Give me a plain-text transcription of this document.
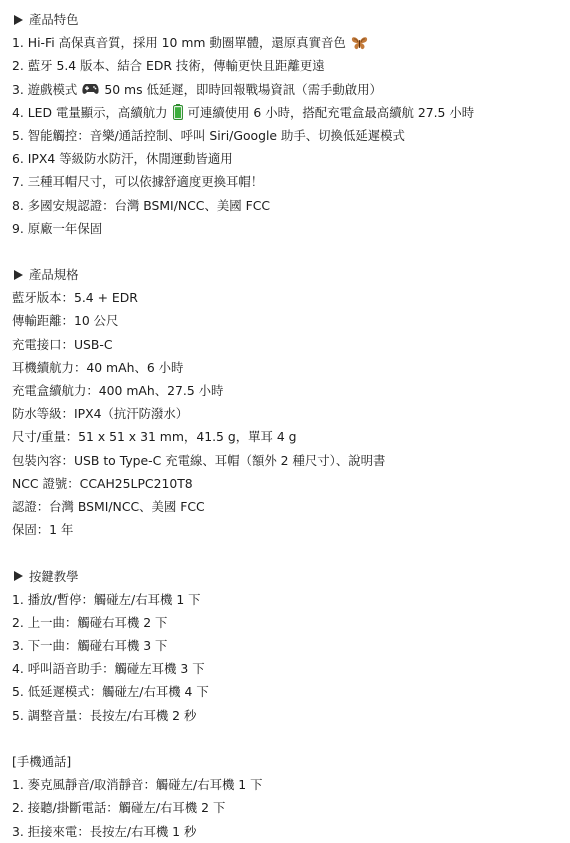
產品特色
1. Hi-Fi 高保真音質，採用 10 mm 動圈單體，還原真實音色
2. 藍牙 5.4 版本、結合 EDR 技術，傳輸更快且距離更遠
3. 遊戲模式 50 ms 低延遲，即時回報戰場資訊（需手動啟用）
4. LED 電量顯示，高續航力 可連續使用 6 小時，搭配充電盒最高續航 27.5 小時
5. 智能觸控：音樂/通話控制、呼叫 Siri/Google 助手、切換低延遲模式
6. IPX4 等級防水防汗，休閒運動皆適用
7. 三種耳帽尺寸，可以依據舒適度更換耳帽！
8. 多國安規認證：台灣 BSMI/NCC、美國 FCC
9. 原廠一年保固
產品規格
藍牙版本：5.4 + EDR
傳輸距離：10 公尺
充電接口：USB-C
耳機續航力：40 mAh、6 小時
充電盒續航力：400 mAh、27.5 小時
防水等級：IPX4（抗汗防潑水）
尺寸/重量：51 x 51 x 31 mm，41.5 g，單耳 4 g
包裝內容：USB to Type-C 充電線、耳帽（額外 2 種尺寸）、說明書
NCC 證號：CCAH25LPC210T8
認證：台灣 BSMI/NCC、美國 FCC
保固：1 年
按鍵教學
1. 播放/暫停：觸碰左/右耳機 1 下
2. 上一曲：觸碰右耳機 2 下
3. 下一曲：觸碰右耳機 3 下
4. 呼叫語音助手：觸碰左耳機 3 下
5. 低延遲模式：觸碰左/右耳機 4 下
5. 調整音量：長按左/右耳機 2 秒
[手機通話]
1. 麥克風靜音/取消靜音：觸碰左/右耳機 1 下
2. 接聽/掛斷電話：觸碰左/右耳機 2 下
3. 拒接來電：長按左/右耳機 1 秒
